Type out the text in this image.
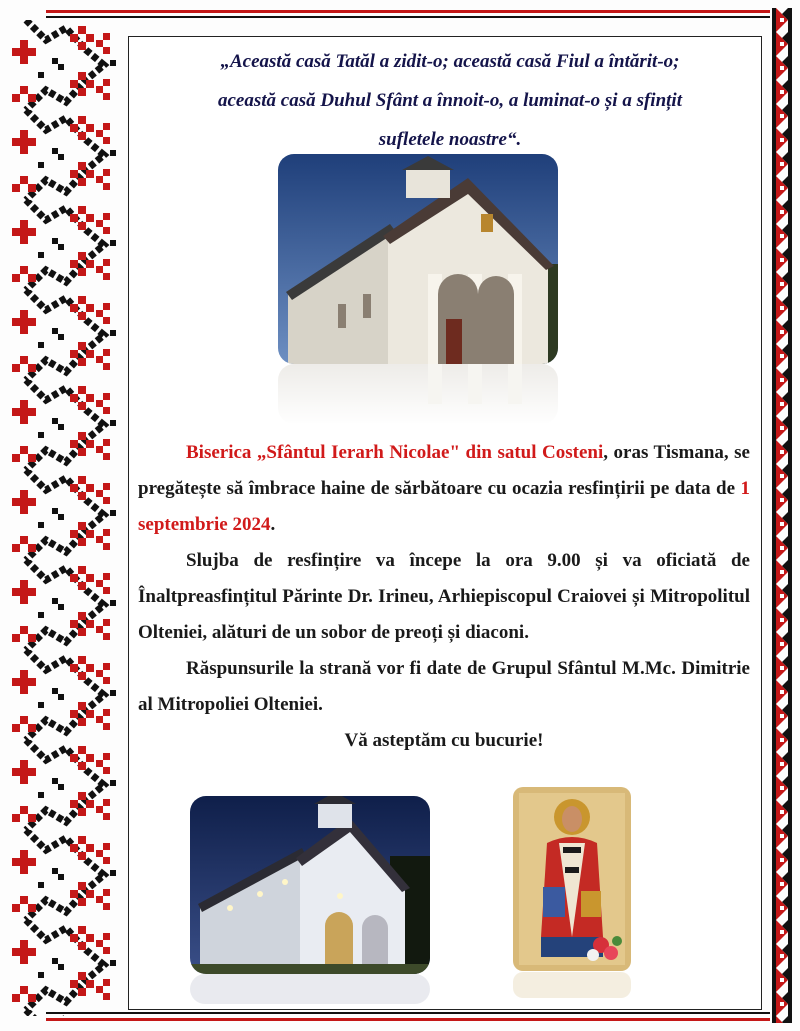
„Această casă Tatăl a zidit-o; această casă Fiul a întărit-o;

această casă Duhul Sfânt a înnoit-o, a luminat-o și a sfințit

sufletele noastre“.

Biserica „Sfântul Ierarh Nicolae" din satul Costeni, oras Tismana, se pregătește să îmbrace haine de sărbătoare cu ocazia resfințirii pe data de 1 septembrie 2024.

Slujba de resfințire va începe la ora 9.00 și va oficiată de Înaltpreasfințitul Părinte Dr. Irineu, Arhiepiscopul Craiovei și Mitropolitul Olteniei, alături de un sobor de preoți și diaconi.

Răspunsurile la strană vor fi date de Grupul Sfântul M.Mc. Dimitrie al Mitropoliei Olteniei.

Vă asteptăm cu bucurie!
